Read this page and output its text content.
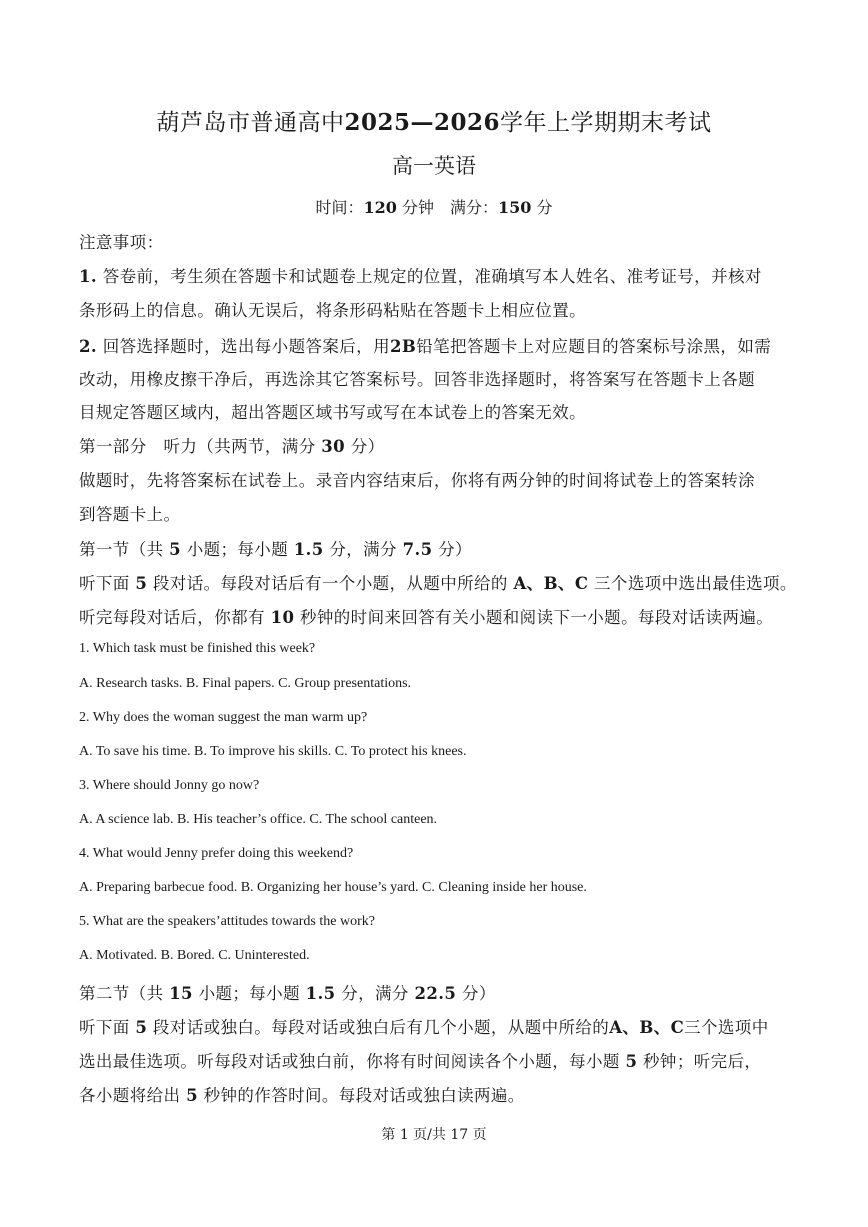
葫芦岛市普通高中2025—2026学年上学期期末考试
高一英语
时间：120 分钟　 满分：150 分
注意事项：
1. 答卷前，考生须在答题卡和试题卷上规定的位置，准确填写本人姓名、准考证号，并核对
条形码上的信息。确认无误后，将条形码粘贴在答题卡上相应位置。
2. 回答选择题时，选出每小题答案后，用2B铅笔把答题卡上对应题目的答案标号涂黑，如需
改动，用橡皮擦干净后，再选涂其它答案标号。回答非选择题时，将答案写在答题卡上各题
目规定答题区域内，超出答题区域书写或写在本试卷上的答案无效。
第一部分　听力（共两节，满分 30 分）
做题时，先将答案标在试卷上。录音内容结束后，你将有两分钟的时间将试卷上的答案转涂
到答题卡上。
第一节（共 5 小题；每小题 1.5 分，满分 7.5 分）
听下面 5 段对话。每段对话后有一个小题，从题中所给的 A、B、C 三个选项中选出最佳选项。
听完每段对话后，你都有 10 秒钟的时间来回答有关小题和阅读下一小题。每段对话读两遍。
1. Which task must be finished this week?
A. Research tasks. B. Final papers. C. Group presentations.
2. Why does the woman suggest the man warm up?
A. To save his time. B. To improve his skills. C. To protect his knees.
3. Where should Jonny go now?
A. A science lab. B. His teacher’s office. C. The school canteen.
4. What would Jenny prefer doing this weekend?
A. Preparing barbecue food. B. Organizing her house’s yard. C. Cleaning inside her house.
5. What are the speakers’attitudes towards the work?
A. Motivated. B. Bored. C. Uninterested.
第二节（共 15 小题；每小题 1.5 分，满分 22.5 分）
听下面 5 段对话或独白。每段对话或独白后有几个小题，从题中所给的A、B、C三个选项中
选出最佳选项。听每段对话或独白前，你将有时间阅读各个小题，每小题 5 秒钟；听完后，
各小题将给出 5 秒钟的作答时间。每段对话或独白读两遍。
第 1 页/共 17 页
